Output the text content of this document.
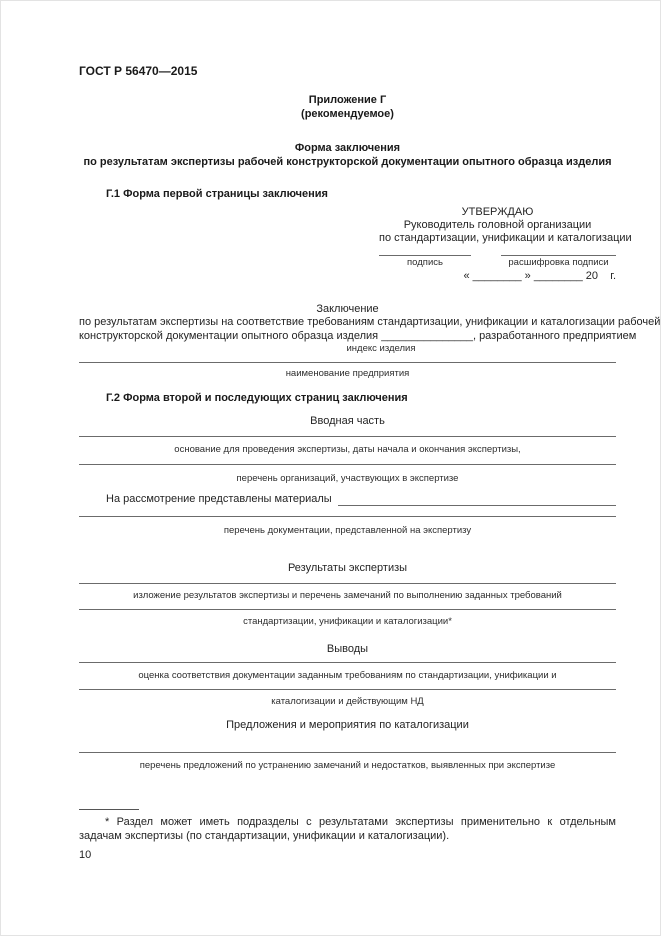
ГОСТ Р 56470—2015
Приложение Г
(рекомендуемое)
Форма заключения
по результатам экспертизы рабочей конструкторской документации опытного образца изделия
Г.1 Форма первой страницы заключения
УТВЕРЖДАЮ
Руководитель головной организации
по стандартизации, унификации и каталогизации
подпись	расшифровка подписи
« ________ » ________ 20    г.
Заключение
по результатам экспертизы на соответствие требованиям стандартизации, унификации и каталогизации рабочей
конструкторской документации опытного образца изделия _______________, разработанного предприятием
индекс изделия
наименование предприятия
Г.2 Форма второй и последующих страниц заключения
Вводная часть
основание для проведения экспертизы, даты начала и окончания экспертизы,
перечень организаций, участвующих в экспертизе
На рассмотрение представлены материалы
перечень документации, представленной на экспертизу
Результаты экспертизы
изложение результатов экспертизы и перечень замечаний по выполнению заданных требований
стандартизации, унификации и каталогизации*
Выводы
оценка соответствия документации заданным требованиям по стандартизации, унификации и
каталогизации и действующим НД
Предложения и мероприятия по каталогизации
перечень предложений по устранению замечаний и недостатков, выявленных при экспертизе
* Раздел может иметь подразделы с результатами экспертизы применительно к отдельным задачам экспертизы (по стандартизации, унификации и каталогизации).
10
